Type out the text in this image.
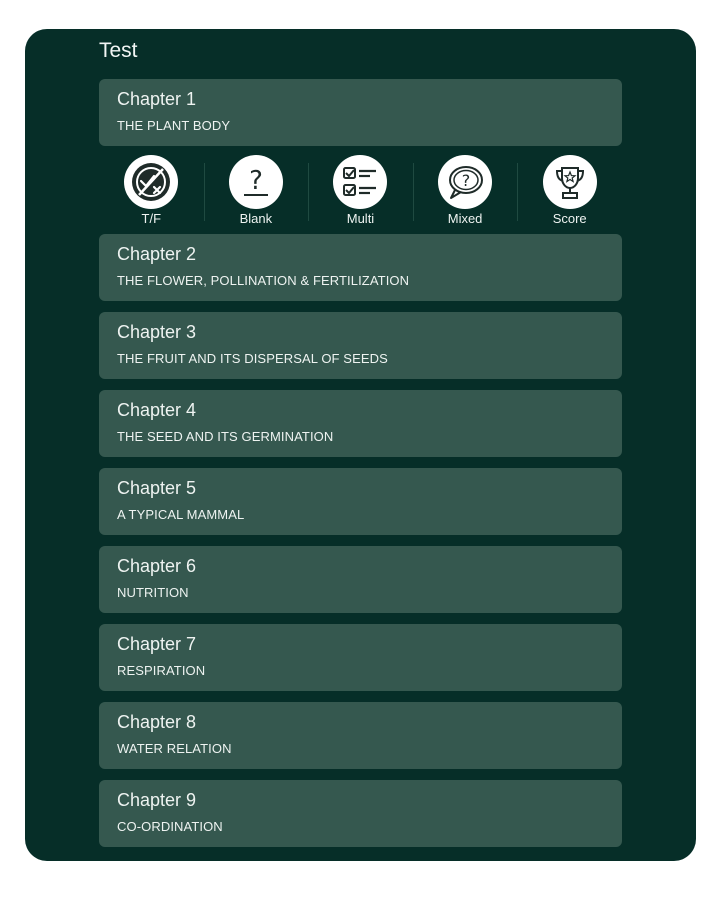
Test
Chapter 1
THE PLANT BODY
T/F
?
Blank	Multi
?
Mixed	Score
Chapter 2
THE FLOWER, POLLINATION & FERTILIZATION
Chapter 3
THE FRUIT AND ITS DISPERSAL OF SEEDS
Chapter 4
THE SEED AND ITS GERMINATION
Chapter 5
A TYPICAL MAMMAL
Chapter 6
NUTRITION
Chapter 7
RESPIRATION
Chapter 8
WATER RELATION
Chapter 9
CO-ORDINATION
